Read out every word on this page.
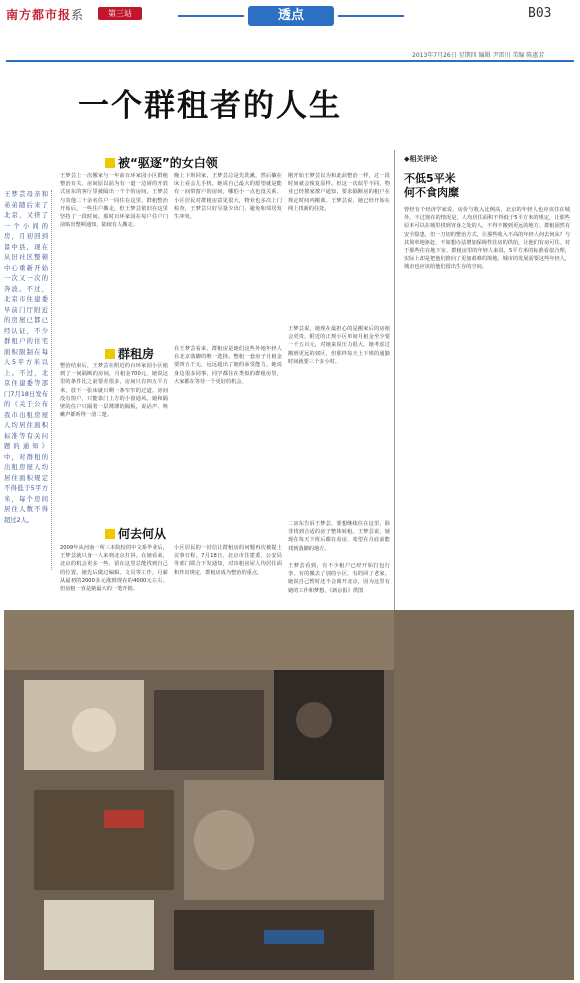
南方都市报系	第三站	透点	B03
2013年7月26日 星期四 编辑 尹雷川 美编 陈惠芳
一个群租者的人生
王梦芸母亲和弟弟随后来了北京，又挤了一个小间的房，月初回到景中县，现在从旧社区整顿中心重新开始一次又一次的奔波。不过，北京市住建委早前门厅附近的房屋已都已经认证，不少群租户的住宅面积限制在每人5平方米以上。不过，北京住建委等部门7月18日发布的《关于公布我市出租房屋人均居住面积标准等有关问题的通知》中，对群租的出租房屋人均居住面积规定不得低于5平方米，每个房间居住人数不得超过2人。
被“驱逐”的女白领
王梦芸上一次搬家与一年前百环家园小区群租整治有关。房间原以前为有一道一边厨的开放式房东的客厅里被隔出一个个的房间，王梦芸与其他二十余名住户一同住在这里。群租整治开始后，一些住户搬走，但王梦芸依旧在这里坚持了一段时间。那时百环家园在每户住户门前贴出整顿通知，陆续有人搬走。
群租房
整治结束后，王梦芸在附近的百环家园小区租到了一间隔断的房间，月租金700元。她说这里的条件比之前要差很多，房间只有四五平方米，放下一张床就只剩一条窄窄的过道。房间没有窗户，只能靠门上方的小窗通风。她和隔壁的住户只隔着一层薄薄的隔板，说话声、咳嗽声都听得一清二楚。
何去何从
2009年从河南一所三本院校的中文系毕业后，王梦芸就只身一人来到北京打拼。在她看来，北京的机会更多一些，留在这里总能找到自己的位置。她先后做过编辑、文员等工作，月薪从最初的2000多元涨到现在的4000元左右。但房租一直是她最大的一笔开销。
晚上下班回家，王梦芸总是先洗漱，然后躺在床上看会儿手机。她说自己最大的愿望就是能有一间带窗户的房间，哪怕小一点也没关系。小区居民对群租房意见很大，物业也多次上门检查，王梦芸只好尽量少出门，避免和邻居发生冲突。
在王梦芸看来，群租房是她们这些外地年轻人在北京落脚的唯一选择。整租一套房子月租金要四五千元，远远超出了她的承受能力。她说身边很多同事、同学都住在类似的群租房里，大家都在等待一个更好的机会。
小区居民的一封信让群租房的问题再次被提上议事日程。7月18日，北京市住建委、公安局等部门联合下发通知，对出租房屋人均居住面积作出规定，群租房成为整治的重点。
刚开始王梦芸以为和此前整治一样，过一段时间就会恢复原样。但这一次似乎不同，物业已经挨家挨户通知，要求隔断房的租户在规定时间内搬离。王梦芸说，她已经开始在网上找新的住处。
王梦芸说，她现在最担心的是搬家后的房租会更贵。附近的正规小区单间月租金至少要一千五百元，对她来说压力很大。她考虑过搬到更远的郊区，但那样每天上下班的通勤时间就要三个多小时。
二房东告诉王梦芸，要想继续住在这里，除非找到合适的房子整体转租。王梦芸说，她现在每天下班后都在看房，希望在月底前能找到落脚的地方。
王梦芸看到，有不少租户已经开始打包行李，有的搬去了别的小区，有的回了老家。她说自己暂时还不会离开北京，因为这里有她的工作和梦想。《新京报》供图
◆相关评论
不低5平米
何不食肉糜
曾经有个经济学家说，房价与收入比例高，北京的年轻人也应该住在城外。不过现在的情况是，人均居住面积不得低于5平方米的规定，让那些原本可以在城里找到容身之处的人，不得不搬到更远的地方。群租固然有安全隐患，但一刀切的整治方式，让那些收入不高的年轻人何去何从？与其简单地驱赶，不如想办法增加保障性住房的供给，让他们有房可住。对于那些住在地下室、群租房里的年轻人来说，5平方米的标准看似合理，实际上却是把他们推向了更加艰难的境地。城市的发展需要这些年轻人，城市也应该给他们留出生存的空间。
